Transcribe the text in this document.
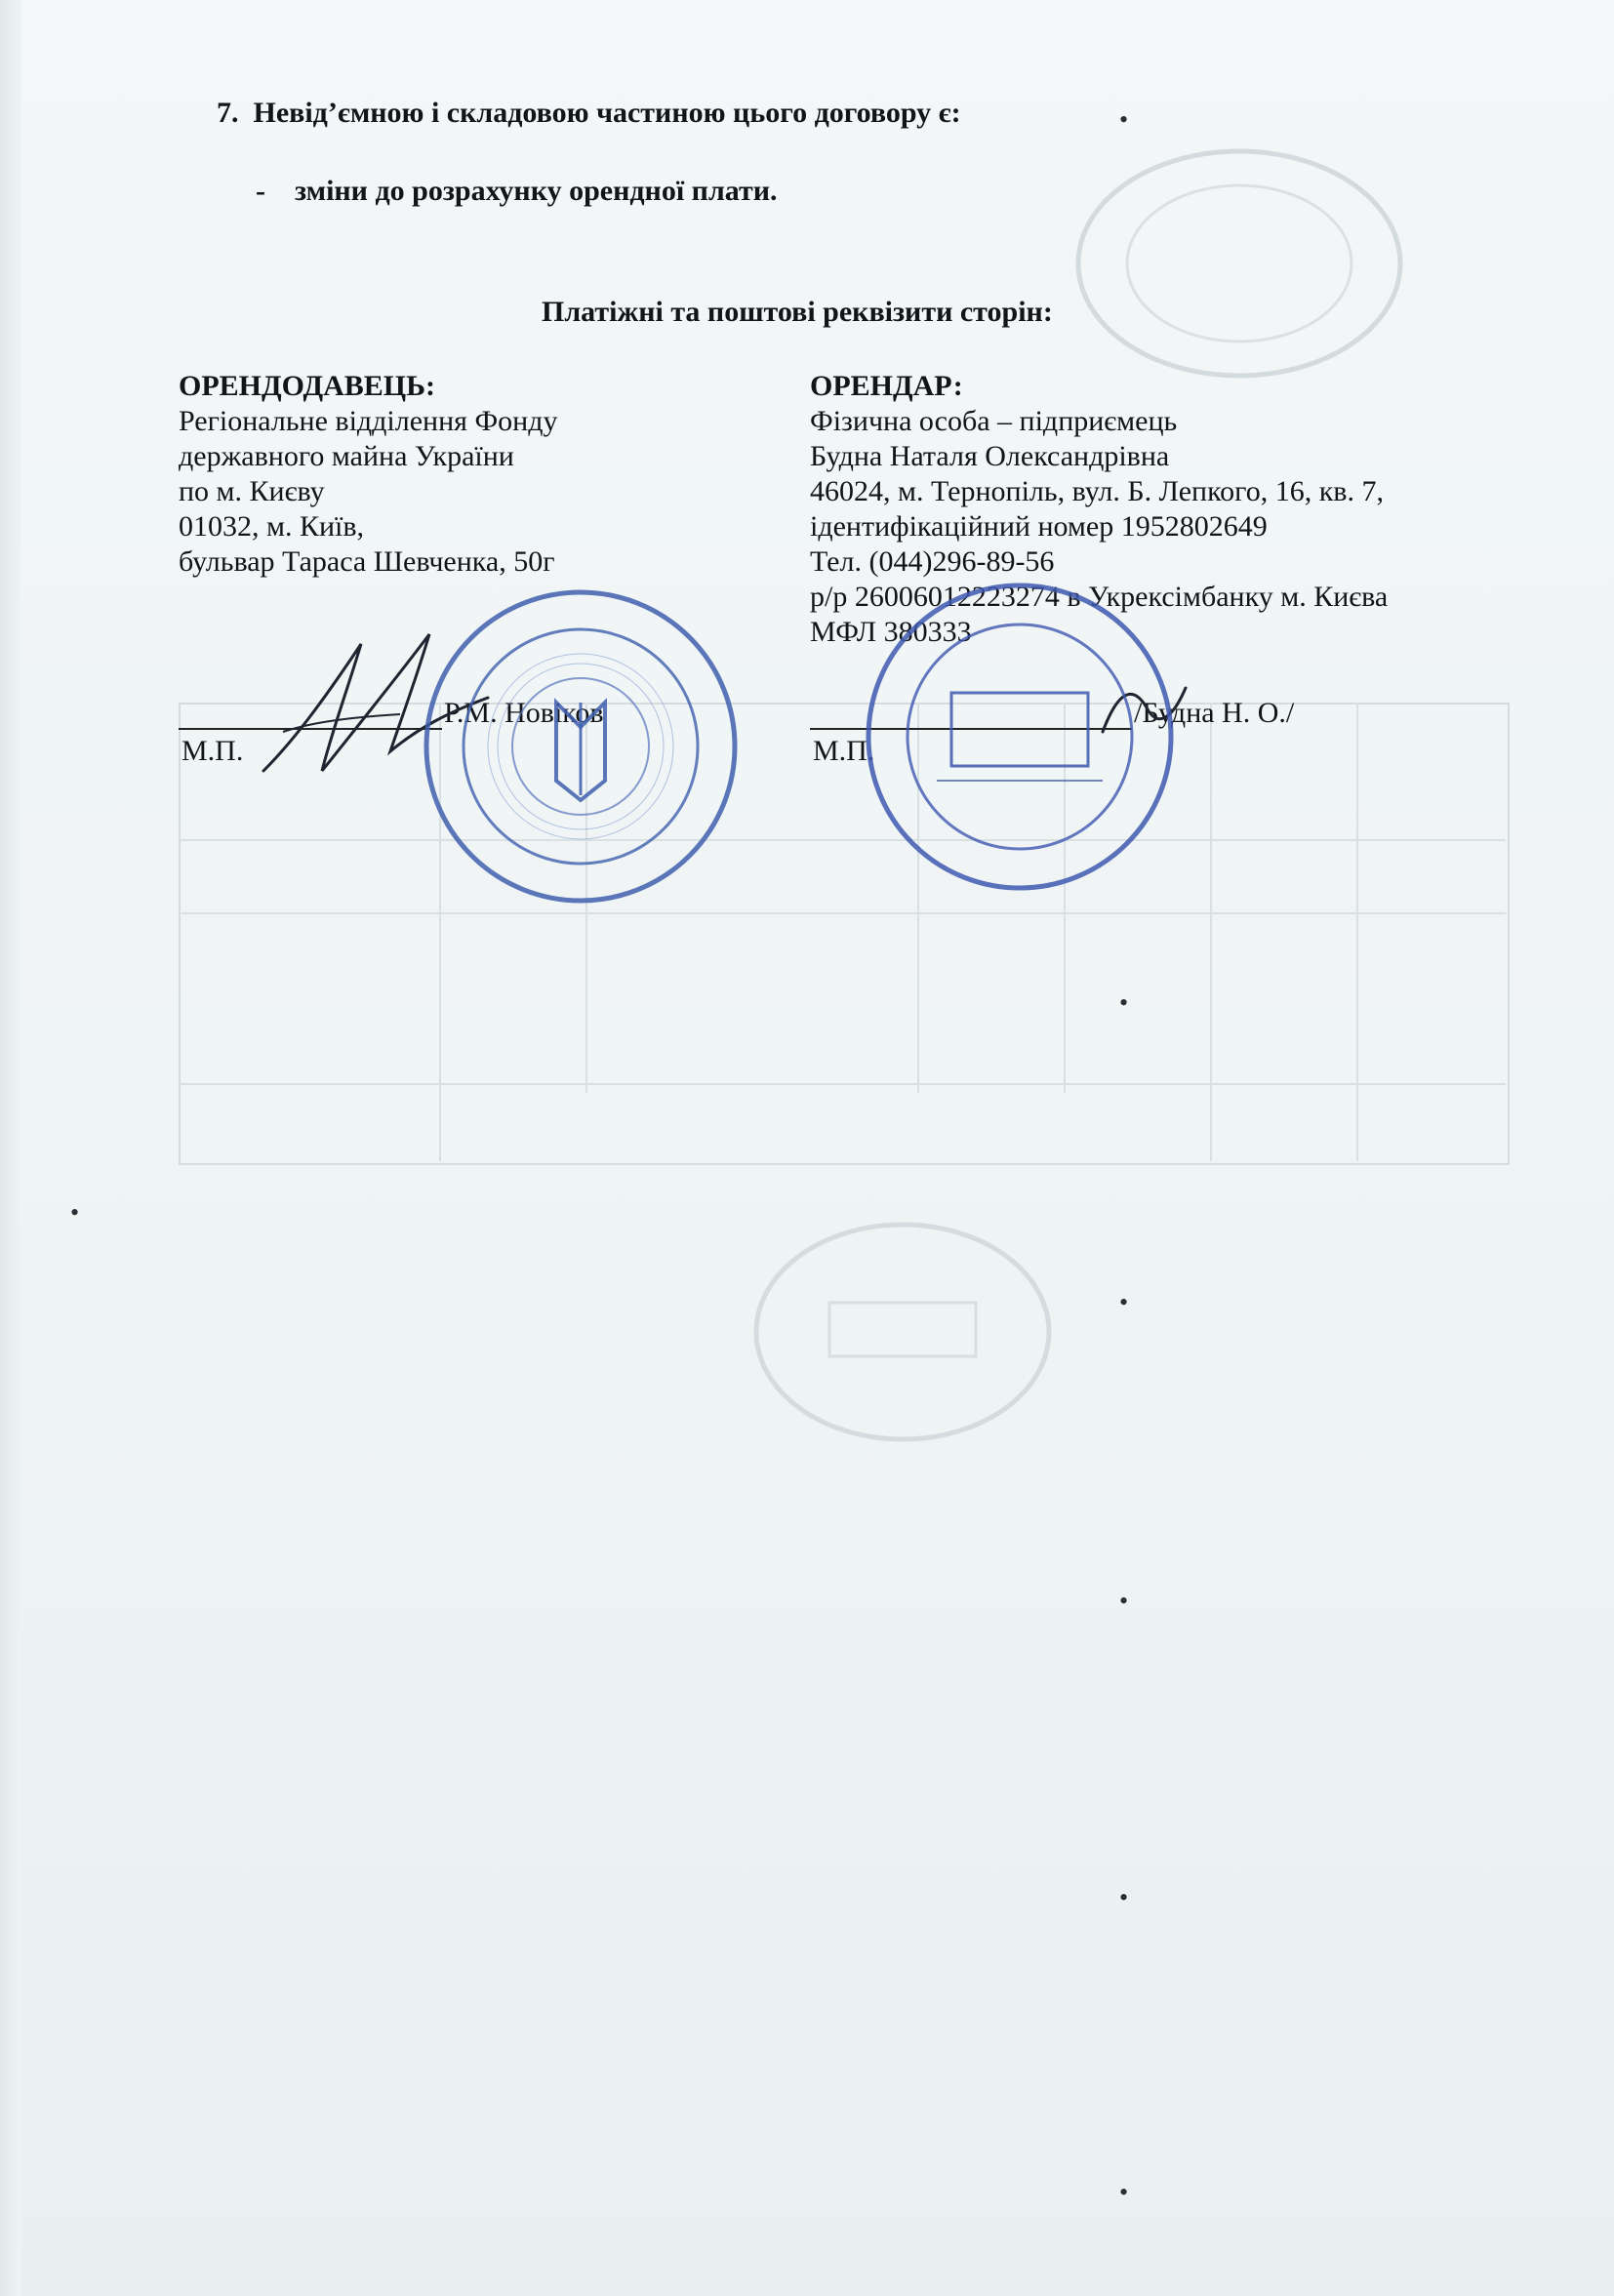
•
•
•
•
•
•
•
7. Невід’ємною і складовою частиною цього договору є:
- зміни до розрахунку орендної плати.
Платіжні та поштові реквізити сторін:
ОРЕНДОДАВЕЦЬ:
Регіональне відділення Фонду
державного майна України
по м. Києву
01032, м. Київ,
бульвар Тараса Шевченка, 50г
ОРЕНДАР:
Фізична особа – підприємець
Будна Наталя Олександрівна
46024, м. Тернопіль, вул. Б. Лепкого, 16, кв. 7,
ідентифікаційний номер 1952802649
Тел. (044)296-89-56
р/р 26006012223274 в Укрексімбанку м. Києва
МФЛ 380333
Р.М. Новіков
М.П.
/Будна Н. О./
М.П.
